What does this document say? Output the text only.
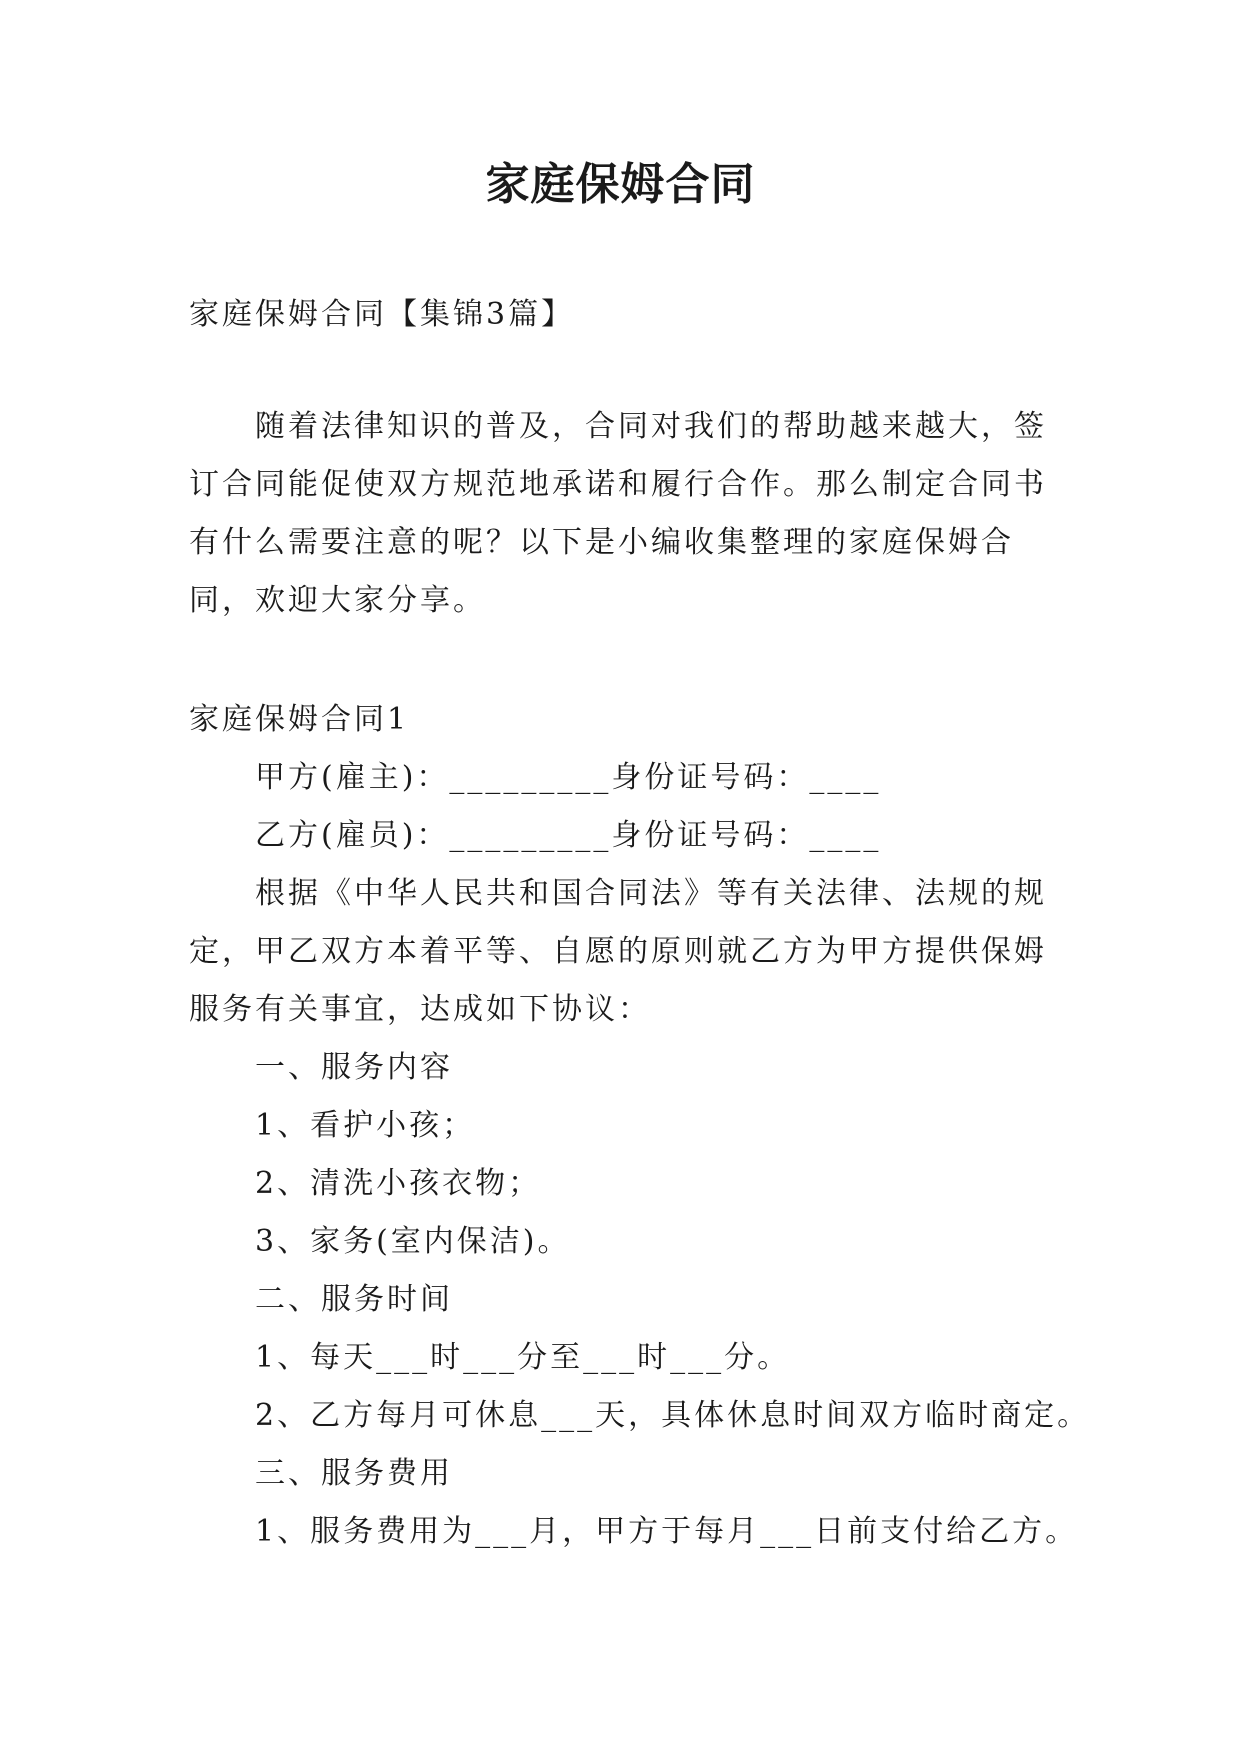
家庭保姆合同
家庭保姆合同【集锦3篇】
随着法律知识的普及，合同对我们的帮助越来越大，签
订合同能促使双方规范地承诺和履行合作。那么制定合同书
有什么需要注意的呢？以下是小编收集整理的家庭保姆合
同，欢迎大家分享。
家庭保姆合同1
甲方(雇主)：_________身份证号码：____
乙方(雇员)：_________身份证号码：____
根据《中华人民共和国合同法》等有关法律、法规的规
定，甲乙双方本着平等、自愿的原则就乙方为甲方提供保姆
服务有关事宜，达成如下协议：
一、服务内容
1、看护小孩；
2、清洗小孩衣物；
3、家务(室内保洁)。
二、服务时间
1、每天___时___分至___时___分。
2、乙方每月可休息___天，具体休息时间双方临时商定。
三、服务费用
1、服务费用为___月，甲方于每月___日前支付给乙方。
